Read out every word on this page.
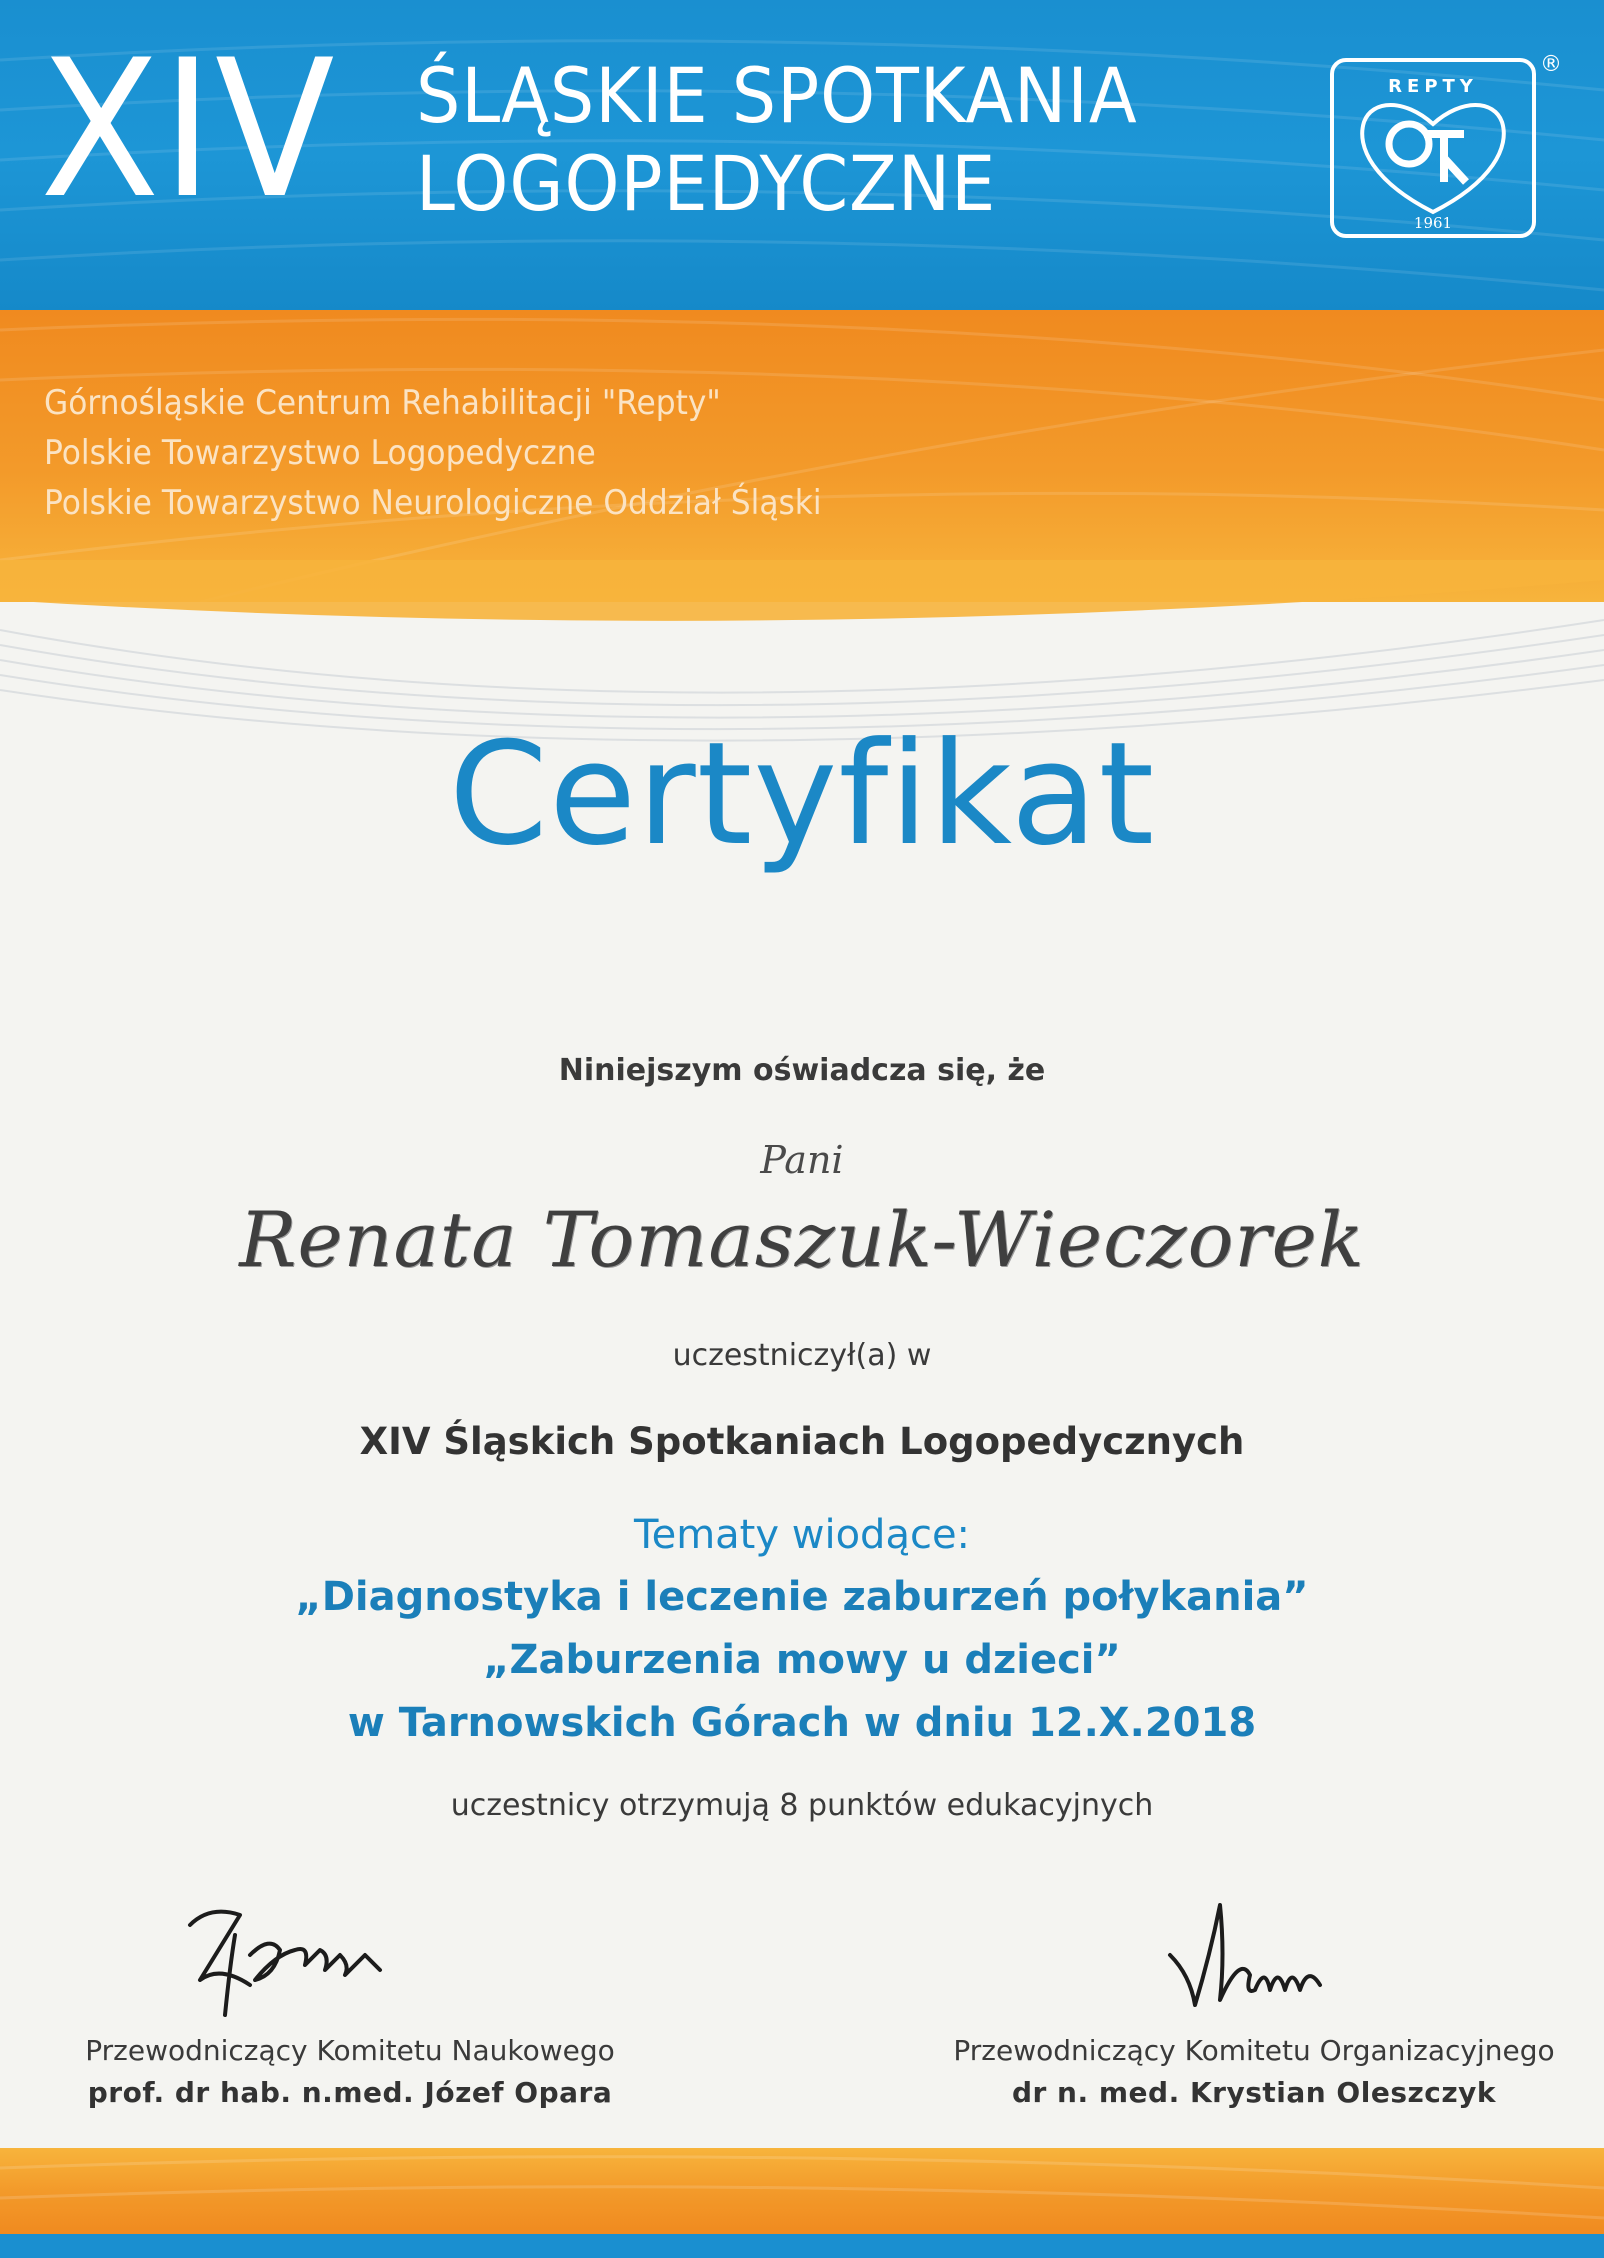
XIV ŚLĄSKIE SPOTKANIA
LOGOPEDYCZNE
REPTY
1961
®
Górnośląskie Centrum Rehabilitacji "Repty"
Polskie Towarzystwo Logopedyczne
Polskie Towarzystwo Neurologiczne Oddział Śląski
Certyfikat
Niniejszym oświadcza się, że
Pani
Renata Tomaszuk-Wieczorek
uczestniczył(a) w
XIV Śląskich Spotkaniach Logopedycznych
Tematy wiodące:
„Diagnostyka i leczenie zaburzeń połykania”
„Zaburzenia mowy u dzieci”
w Tarnowskich Górach w dniu 12.X.2018
uczestnicy otrzymują 8 punktów edukacyjnych
Przewodniczący Komitetu Naukowego
prof. dr hab. n.med. Józef Opara
Przewodniczący Komitetu Organizacyjnego
dr n. med. Krystian Oleszczyk
